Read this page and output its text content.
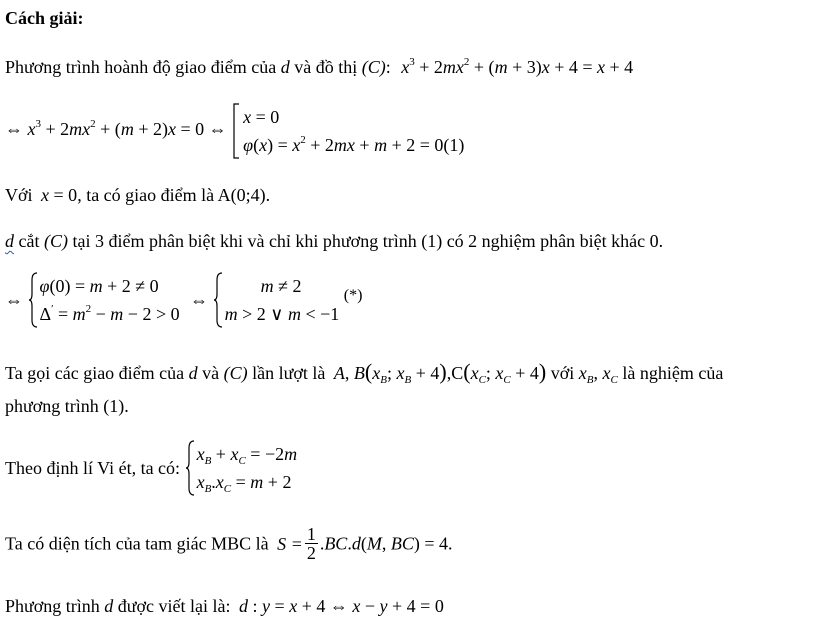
Cách giải:
Phương trình hoành độ giao điểm của d và đồ thị (C): $x^3 + 2mx^2 + (m + 3)x + 4 = x + 4$
⇔ $x^3 + 2mx^2 + (m + 2)x = 0$ ⇔
x = 0
$\varphi(x) = x^2 + 2mx + m + 2 = 0(1)$
Với x = 0, ta có giao điểm là A(0;4).
d cắt (C) tại 3 điểm phân biệt khi và chỉ khi phương trình (1) có 2 nghiệm phân biệt khác 0.
⇔
φ(0) = m + 2 ≠ 0
$\Delta' = m^2 - m - 2 > 0$
⇔
m ≠ 2
m > 2 ∨ m < −1
(*)
Ta gọi các giao điểm của d và (C) lần lượt là A, $B(x_B$; $x_B + 4),C(x_C$; $x_C + 4$) với $x_B$, $x_C$ là nghiệm của
phương trình (1).
Theo định lí Vi ét, ta có:
$x_B + x_C = -2m$
$x_B.x_C = m + 2$
Ta có diện tích của tam giác MBC là $S = \frac{1}{2} .BC.d(M$, BC) = 4.
Phương trình d được viết lại là: d : y = x + 4 ⇔ x − y + 4 = 0
